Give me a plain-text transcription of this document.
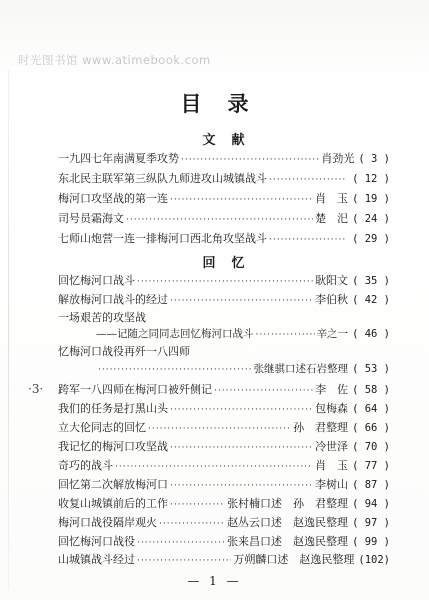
时光图书馆 www.atimebook.com
目录
文献
一九四七年南满夏季攻势 ·····	肖劲光 ( 3 )
东北民主联军第三纵队九师进攻山城镇战斗 ·····	( 12 )
梅河口攻坚战的第一连 ·····	肖　玉 ( 19 )
司号员霜海文 ·····	楚　汜 ( 24 )
七师山炮营一连一排梅河口西北角攻坚战斗 ·····	( 29 )
回忆
回忆梅河口战斗 ·····	耿阳文 ( 35 )
解放梅河口战斗的经过 ·····	李伯秋 ( 42 )
一场艰苦的攻坚战
——记随之同同志回忆梅河口战斗 ·····	辛之一 ( 46 )
忆梅河口战役再歼一八四师
·····
张继骐口述石岩整理 ( 53 )
·3· 跨军一八四师在梅河口被歼侧记 ·····	李　佐 ( 58 )
我们的任务是打黑山头 ·····	包梅森 ( 64 )
立大伦同志的回忆 ·····	孙　君整理 ( 66 )
我记忆的梅河口攻坚战 ·····	冷世泽 ( 70 )
奇巧的战斗 ·····	肖　玉 ( 77 )
回忆第二次解放梅河口 ·····	李树山 ( 87 )
收复山城镇前后的工作 ·····	张村楠口述　孙　君整理 ( 94 )
梅河口战役隔岸观火 ·····	赵丛云口述　赵逸民整理 ( 97 )
回忆梅河口战役 ·····	张来昌口述　赵逸民整理 ( 99 )
山城镇战斗经过 ·····	万朔麟口述　赵逸民整理 (102)
— 1 —
